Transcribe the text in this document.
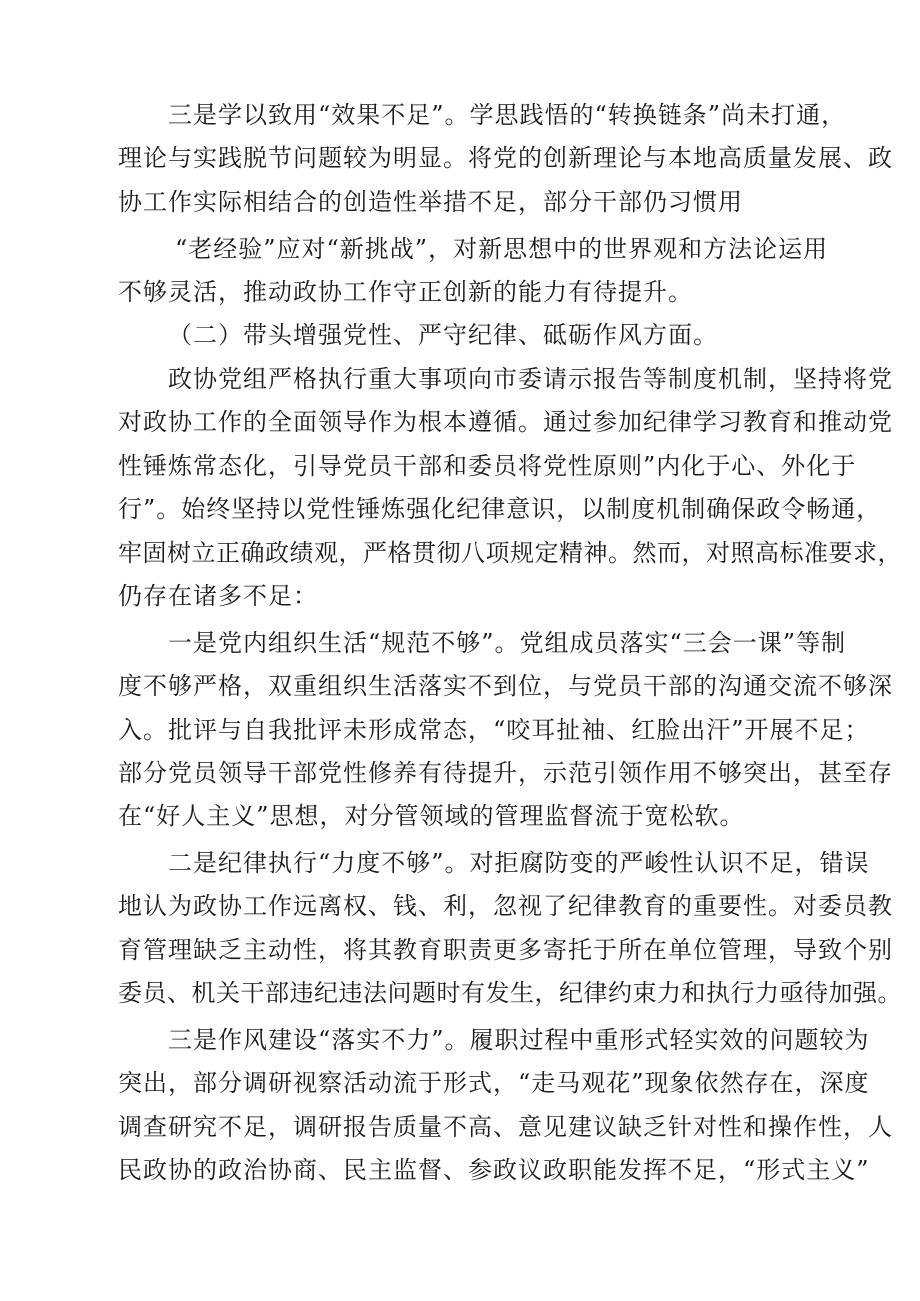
三是学以致用“效果不足”。学思践悟的“转换链条”尚未打通，
理论与实践脱节问题较为明显。将党的创新理论与本地高质量发展、政
协工作实际相结合的创造性举措不足，部分干部仍习惯用
“老经验”应对“新挑战”，对新思想中的世界观和方法论运用
不够灵活，推动政协工作守正创新的能力有待提升。
（二）带头增强党性、严守纪律、砥砺作风方面。
政协党组严格执行重大事项向市委请示报告等制度机制，坚持将党
对政协工作的全面领导作为根本遵循。通过参加纪律学习教育和推动党
性锤炼常态化，引导党员干部和委员将党性原则”内化于心、外化于
行”。始终坚持以党性锤炼强化纪律意识，以制度机制确保政令畅通，
牢固树立正确政绩观，严格贯彻八项规定精神。然而，对照高标准要求，
仍存在诸多不足：
一是党内组织生活“规范不够”。党组成员落实“三会一课”等制
度不够严格，双重组织生活落实不到位，与党员干部的沟通交流不够深
入。批评与自我批评未形成常态，“咬耳扯袖、红脸出汗”开展不足；
部分党员领导干部党性修养有待提升，示范引领作用不够突出，甚至存
在“好人主义”思想，对分管领域的管理监督流于宽松软。
二是纪律执行“力度不够”。对拒腐防变的严峻性认识不足，错误
地认为政协工作远离权、钱、利，忽视了纪律教育的重要性。对委员教
育管理缺乏主动性，将其教育职责更多寄托于所在单位管理，导致个别
委员、机关干部违纪违法问题时有发生，纪律约束力和执行力亟待加强。
三是作风建设“落实不力”。履职过程中重形式轻实效的问题较为
突出，部分调研视察活动流于形式，“走马观花”现象依然存在，深度
调查研究不足，调研报告质量不高、意见建议缺乏针对性和操作性，人
民政协的政治协商、民主监督、参政议政职能发挥不足，“形式主义”
